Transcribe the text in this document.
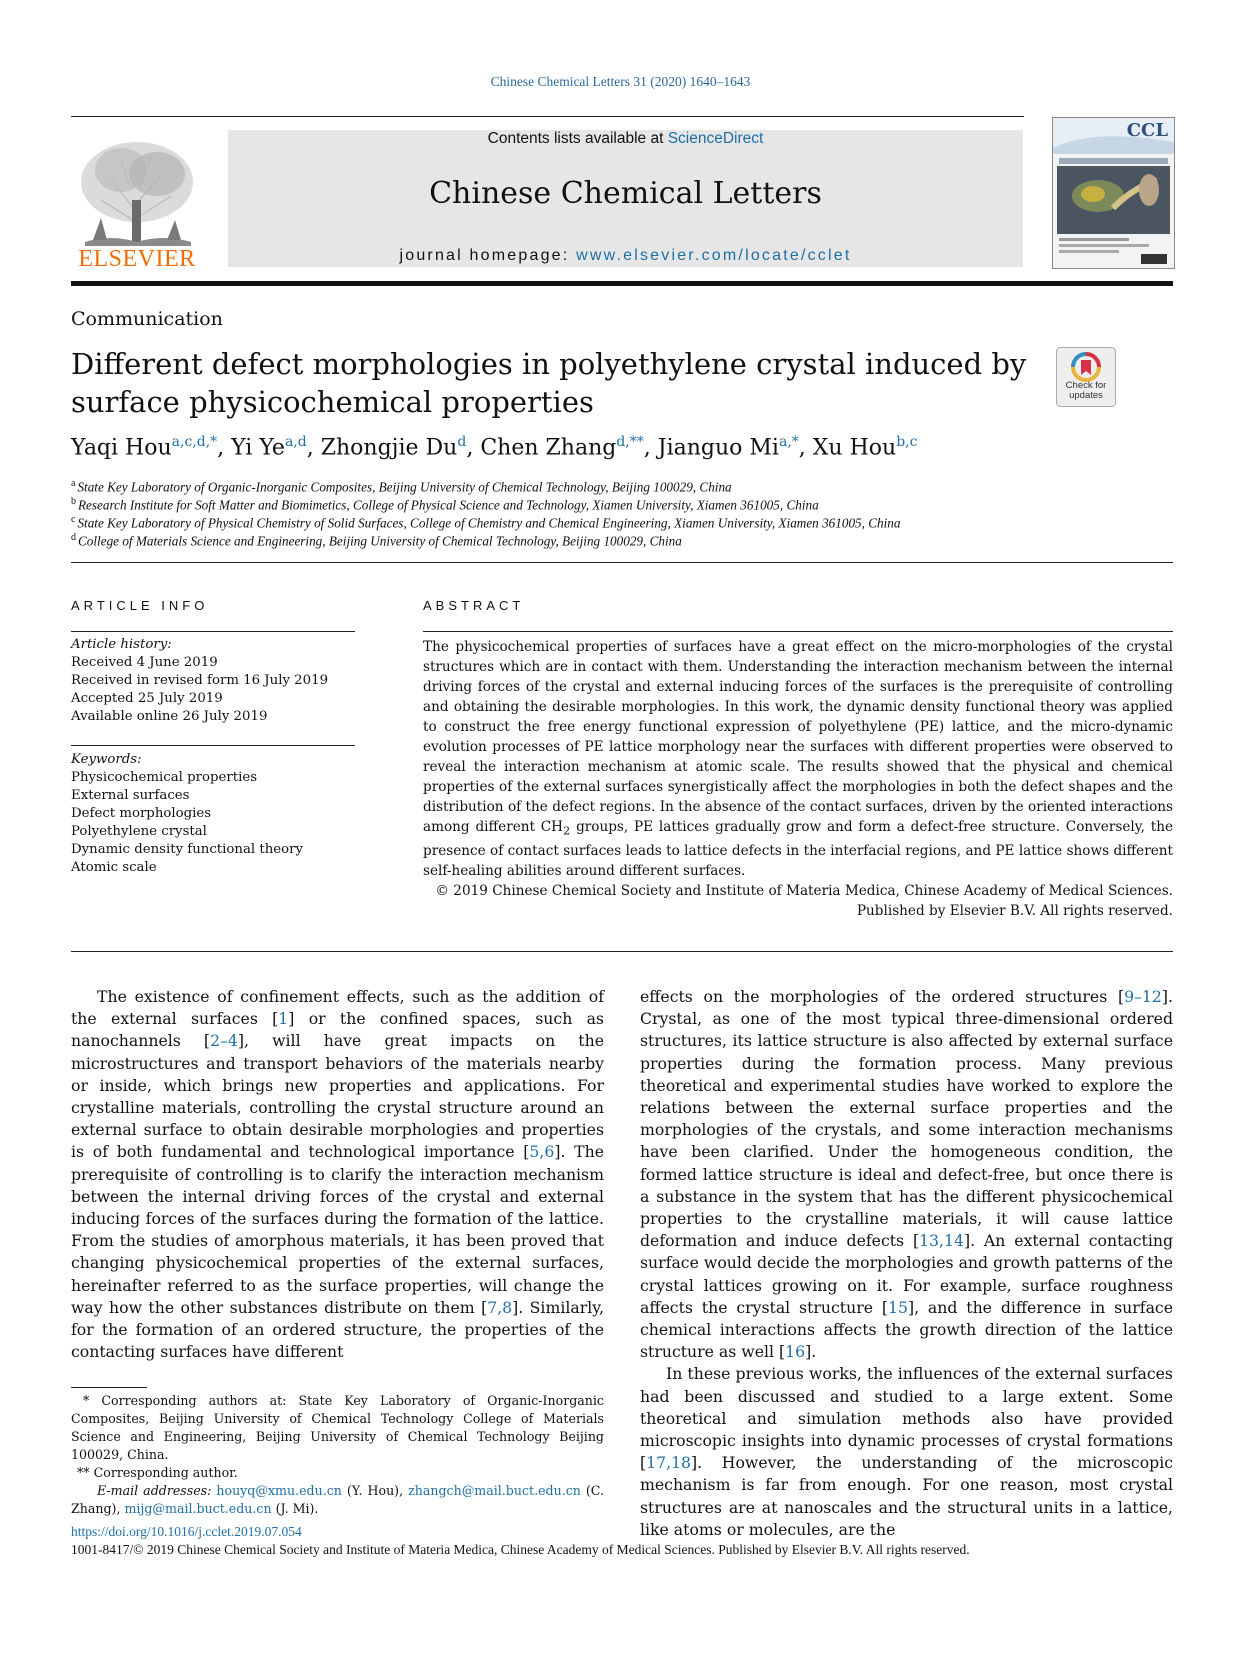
Chinese Chemical Letters 31 (2020) 1640–1643
ELSEVIER
Contents lists available at ScienceDirect
Chinese Chemical Letters
journal homepage: www.elsevier.com/locate/cclet
CCL
Communication
Different defect morphologies in polyethylene crystal induced by surface physicochemical properties	Check for updates
Yaqi Hou$^{a,c,d,*}$, Yi Ye$^{a,d}$, Zhongjie Du$^d$, Chen Zhang$^{d,**}$, Jianguo $Mi^{a,*}$, Xu Hou$^{b,c}$
$^a$ State Key Laboratory of Organic-Inorganic Composites, Beijing University of Chemical Technology, Beijing 100029, China
$^b$ Research Institute for Soft Matter and Biomimetics, College of Physical Science and Technology, Xiamen University, Xiamen 361005, China
$^c$ State Key Laboratory of Physical Chemistry of Solid Surfaces, College of Chemistry and Chemical Engineering, Xiamen University, Xiamen 361005, China
$^d$ College of Materials Science and Engineering, Beijing University of Chemical Technology, Beijing 100029, China
ARTICLE INFO	ABSTRACT
Article history:
Received 4 June 2019
Received in revised form 16 July 2019
Accepted 25 July 2019
Available online 26 July 2019
Keywords:
Physicochemical properties
External surfaces
Defect morphologies
Polyethylene crystal
Dynamic density functional theory
Atomic scale

The physicochemical properties of surfaces have a great effect on the micro-morphologies of the crystal structures which are in contact with them. Understanding the interaction mechanism between the internal driving forces of the crystal and external inducing forces of the surfaces is the prerequisite of controlling and obtaining the desirable morphologies. In this work, the dynamic density functional theory was applied to construct the free energy functional expression of polyethylene (PE) lattice, and the micro-dynamic evolution processes of PE lattice morphology near the surfaces with different properties were observed to reveal the interaction mechanism at atomic scale. The results showed that the physical and chemical properties of the external surfaces synergistically affect the morphologies in both the defect shapes and the distribution of the defect regions. In the absence of the contact surfaces, driven by the oriented interactions among different $CH_2$ groups, PE lattices gradually grow and form a defect-free structure. Conversely, the presence of contact surfaces leads to lattice defects in the interfacial regions, and PE lattice shows different self-healing abilities around different surfaces.

© 2019 Chinese Chemical Society and Institute of Materia Medica, Chinese Academy of Medical Sciences.
Published by Elsevier B.V. All rights reserved.

The existence of confinement effects, such as the addition of the external surfaces [1] or the confined spaces, such as nanochannels [2–4], will have great impacts on the microstructures and transport behaviors of the materials nearby or inside, which brings new properties and applications. For crystalline materials, controlling the crystal structure around an external surface to obtain desirable morphologies and properties is of both fundamental and technological importance [5,6]. The prerequisite of controlling is to clarify the interaction mechanism between the internal driving forces of the crystal and external inducing forces of the surfaces during the formation of the lattice. From the studies of amorphous materials, it has been proved that changing physicochemical properties of the external surfaces, hereinafter referred to as the surface properties, will change the way how the other substances distribute on them [7,8]. Similarly, for the formation of an ordered structure, the properties of the contacting surfaces have different

effects on the morphologies of the ordered structures [9–12]. Crystal, as one of the most typical three-dimensional ordered structures, its lattice structure is also affected by external surface properties during the formation process. Many previous theoretical and experimental studies have worked to explore the relations between the external surface properties and the morphologies of the crystals, and some interaction mechanisms have been clarified. Under the homogeneous condition, the formed lattice structure is ideal and defect-free, but once there is a substance in the system that has the different physicochemical properties to the crystalline materials, it will cause lattice deformation and induce defects [13,14]. An external contacting surface would decide the morphologies and growth patterns of the crystal lattices growing on it. For example, surface roughness affects the crystal structure [15], and the difference in surface chemical interactions affects the growth direction of the lattice structure as well [16].

In these previous works, the influences of the external surfaces had been discussed and studied to a large extent. Some theoretical and simulation methods also have provided microscopic insights into dynamic processes of crystal formations [17,18]. However, the understanding of the microscopic mechanism is far from enough. For one reason, most crystal structures are at nanoscales and the structural units in a lattice, like atoms or molecules, are the

* Corresponding authors at: State Key Laboratory of Organic-Inorganic Composites, Beijing University of Chemical Technology College of Materials Science and Engineering, Beijing University of Chemical Technology Beijing 100029, China.

** Corresponding author.

E-mail addresses: houyq@xmu.edu.cn (Y. Hou), zhangch@mail.buct.edu.cn (C. Zhang), mijg@mail.buct.edu.cn (J. Mi).

https://doi.org/10.1016/j.cclet.2019.07.054
1001-8417/© 2019 Chinese Chemical Society and Institute of Materia Medica, Chinese Academy of Medical Sciences. Published by Elsevier B.V. All rights reserved.
